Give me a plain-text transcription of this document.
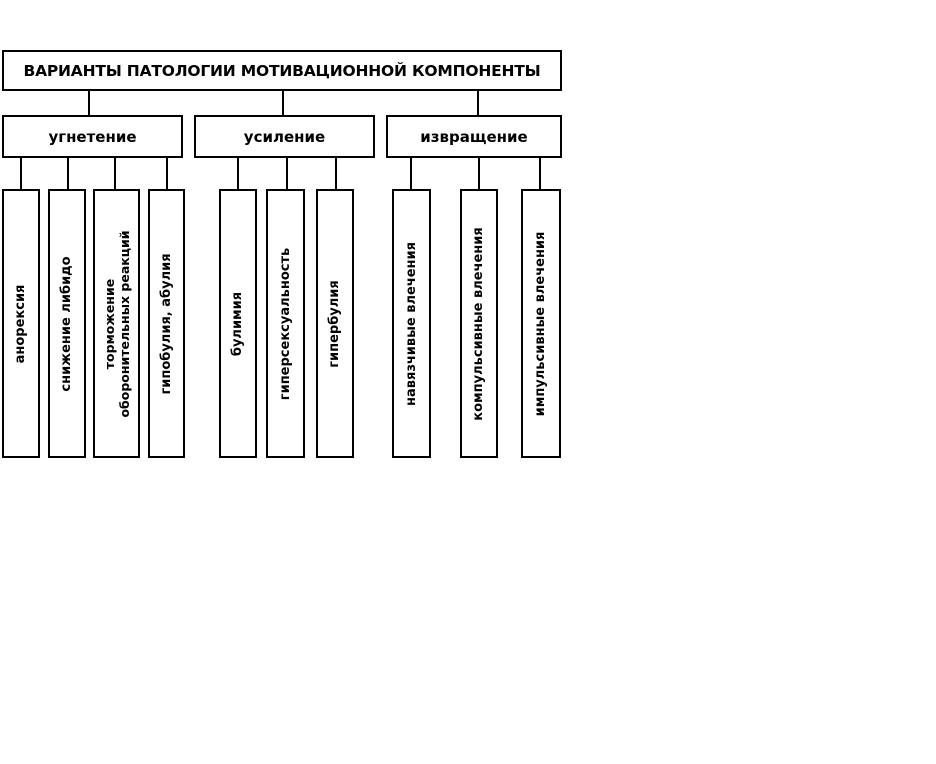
ВАРИАНТЫ ПАТОЛОГИИ МОТИВАЦИОННОЙ КОМПОНЕНТЫ
угнетение	усиление	извращение
анорексия снижение либидо торможение оборонительных реакций гипобулия, абулия	булимия	гиперсексуальность	гипербулия	навязчивые влечения	компульсивные влечения	импульсивные влечения
